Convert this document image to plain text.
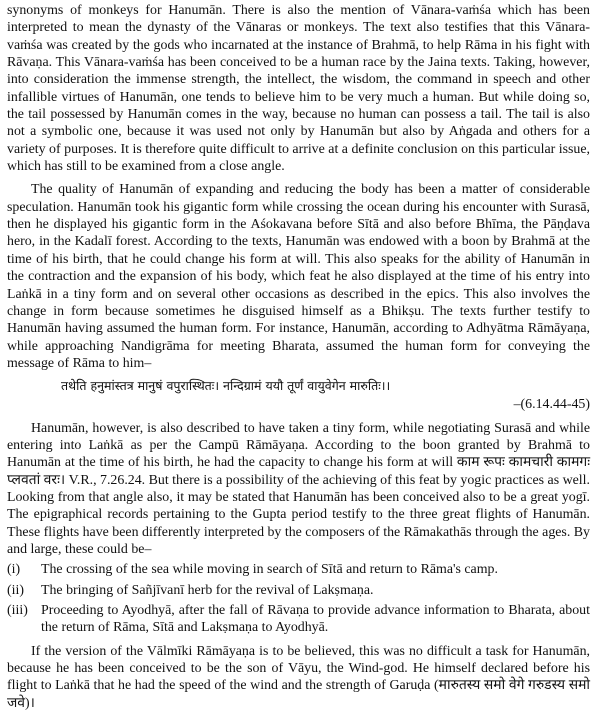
synonyms of monkeys for Hanumān. There is also the mention of Vānara-vaṁśa which has been interpreted to mean the dynasty of the Vānaras or monkeys. The text also testifies that this Vānara-vaṁśa was created by the gods who incarnated at the instance of Brahmā, to help Rāma in his fight with Rāvaṇa. This Vānara-vaṁśa has been conceived to be a human race by the Jaina texts. Taking, however, into consideration the immense strength, the intellect, the wisdom, the command in speech and other infallible virtues of Hanumān, one tends to believe him to be very much a human. But while doing so, the tail possessed by Hanumān comes in the way, because no human can possess a tail. The tail is also not a symbolic one, because it was used not only by Hanumān but also by Aṅgada and others for a variety of purposes. It is therefore quite difficult to arrive at a definite conclusion on this particular issue, which has still to be examined from a close angle.

The quality of Hanumān of expanding and reducing the body has been a matter of considerable speculation. Hanumān took his gigantic form while crossing the ocean during his encounter with Surasā, then he displayed his gigantic form in the Aśokavana before Sītā and also before Bhīma, the Pāṇḍava hero, in the Kadalī forest. According to the texts, Hanumān was endowed with a boon by Brahmā at the time of his birth, that he could change his form at will. This also speaks for the ability of Hanumān in the contraction and the expansion of his body, which feat he also displayed at the time of his entry into Laṅkā in a tiny form and on several other occasions as described in the epics. This also involves the change in form because sometimes he disguised himself as a Bhikṣu. The texts further testify to Hanumān having assumed the human form. For instance, Hanumān, according to Adhyātma Rāmāyaṇa, while approaching Nandigrāma for meeting Bharata, assumed the human form for conveying the message of Rāma to him–

तथेति हनुमांस्तत्र मानुषं वपुरास्थितः। नन्दिग्रामं ययौ तूर्णं वायुवेगेन मारुतिः।।
–(6.14.44-45)

Hanumān, however, is also described to have taken a tiny form, while negotiating Surasā and while entering into Laṅkā as per the Campū Rāmāyaṇa. According to the boon granted by Brahmā to Hanumān at the time of his birth, he had the capacity to change his form at will काम रूपः कामचारी कामगः प्लवतां वरः। V.R., 7.26.24. But there is a possibility of the achieving of this feat by yogic practices as well. Looking from that angle also, it may be stated that Hanumān has been conceived also to be a great yogī. The epigraphical records pertaining to the Gupta period testify to the three great flights of Hanumān. These flights have been differently interpreted by the composers of the Rāmakathās through the ages. By and large, these could be–

(i) The crossing of the sea while moving in search of Sītā and return to Rāma's camp.
(ii) The bringing of Sañjīvanī herb for the revival of Lakṣmaṇa.
(iii) Proceeding to Ayodhyā, after the fall of Rāvaṇa to provide advance information to Bharata, about the return of Rāma, Sītā and Lakṣmaṇa to Ayodhyā.

If the version of the Vālmīki Rāmāyaṇa is to be believed, this was no difficult a task for Hanumān, because he has been conceived to be the son of Vāyu, the Wind-god. He himself declared before his flight to Laṅkā that he had the speed of the wind and the strength of Garuḍa (मारुतस्य समो वेगे गरुडस्य समो जवे)।
